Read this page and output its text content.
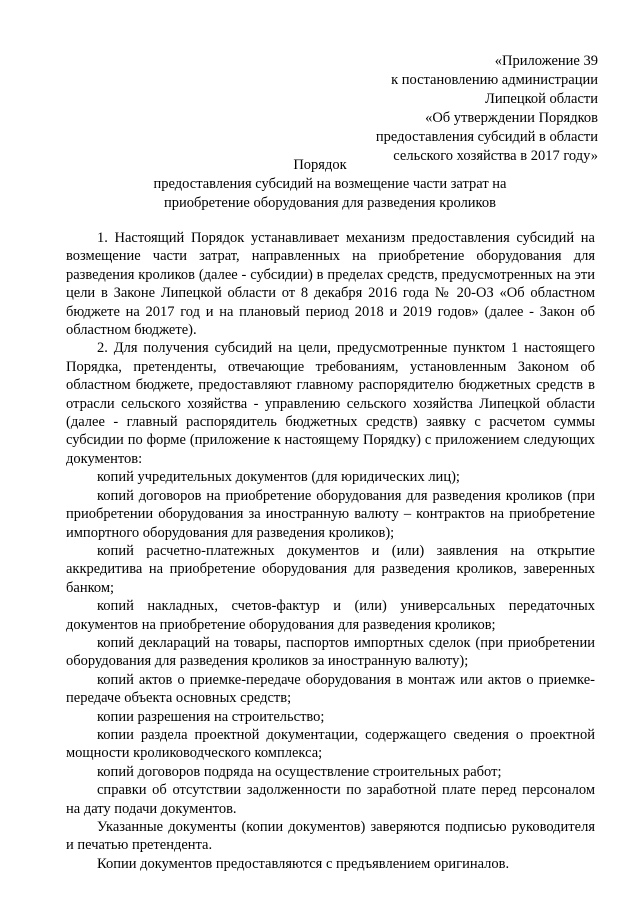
«Приложение 39
к постановлению администрации
Липецкой области
«Об утверждении Порядков
предоставления субсидий в области
сельского хозяйства в 2017 году»
Порядок
предоставления субсидий на возмещение части затрат на приобретение оборудования для разведения кроликов

1. Настоящий Порядок устанавливает механизм предоставления субсидий на возмещение части затрат, направленных на приобретение оборудования для разведения кроликов (далее - субсидии) в пределах средств, предусмотренных на эти цели в Законе Липецкой области от 8 декабря 2016 года № 20-ОЗ «Об областном бюджете на 2017 год и на плановый период 2018 и 2019 годов» (далее - Закон об областном бюджете).

2. Для получения субсидий на цели, предусмотренные пунктом 1 настоящего Порядка, претенденты, отвечающие требованиям, установленным Законом об областном бюджете, предоставляют главному распорядителю бюджетных средств в отрасли сельского хозяйства - управлению сельского хозяйства Липецкой области (далее - главный распорядитель бюджетных средств) заявку с расчетом суммы субсидии по форме (приложение к настоящему Порядку) с приложением следующих документов:

копий учредительных документов (для юридических лиц);

копий договоров на приобретение оборудования для разведения кроликов (при приобретении оборудования за иностранную валюту – контрактов на приобретение импортного оборудования для разведения кроликов);

копий расчетно-платежных документов и (или) заявления на открытие аккредитива на приобретение оборудования для разведения кроликов, заверенных банком;

копий накладных, счетов-фактур и (или) универсальных передаточных документов на приобретение оборудования для разведения кроликов;

копий деклараций на товары, паспортов импортных сделок (при приобретении оборудования для разведения кроликов за иностранную валюту);

копий актов о приемке-передаче оборудования в монтаж или актов о приемке-передаче объекта основных средств;

копии разрешения на строительство;

копии раздела проектной документации, содержащего сведения о проектной мощности кролиководческого комплекса;

копий договоров подряда на осуществление строительных работ;

справки об отсутствии задолженности по заработной плате перед персоналом на дату подачи документов.

Указанные документы (копии документов) заверяются подписью руководителя и печатью претендента.

Копии документов предоставляются с предъявлением оригиналов.
